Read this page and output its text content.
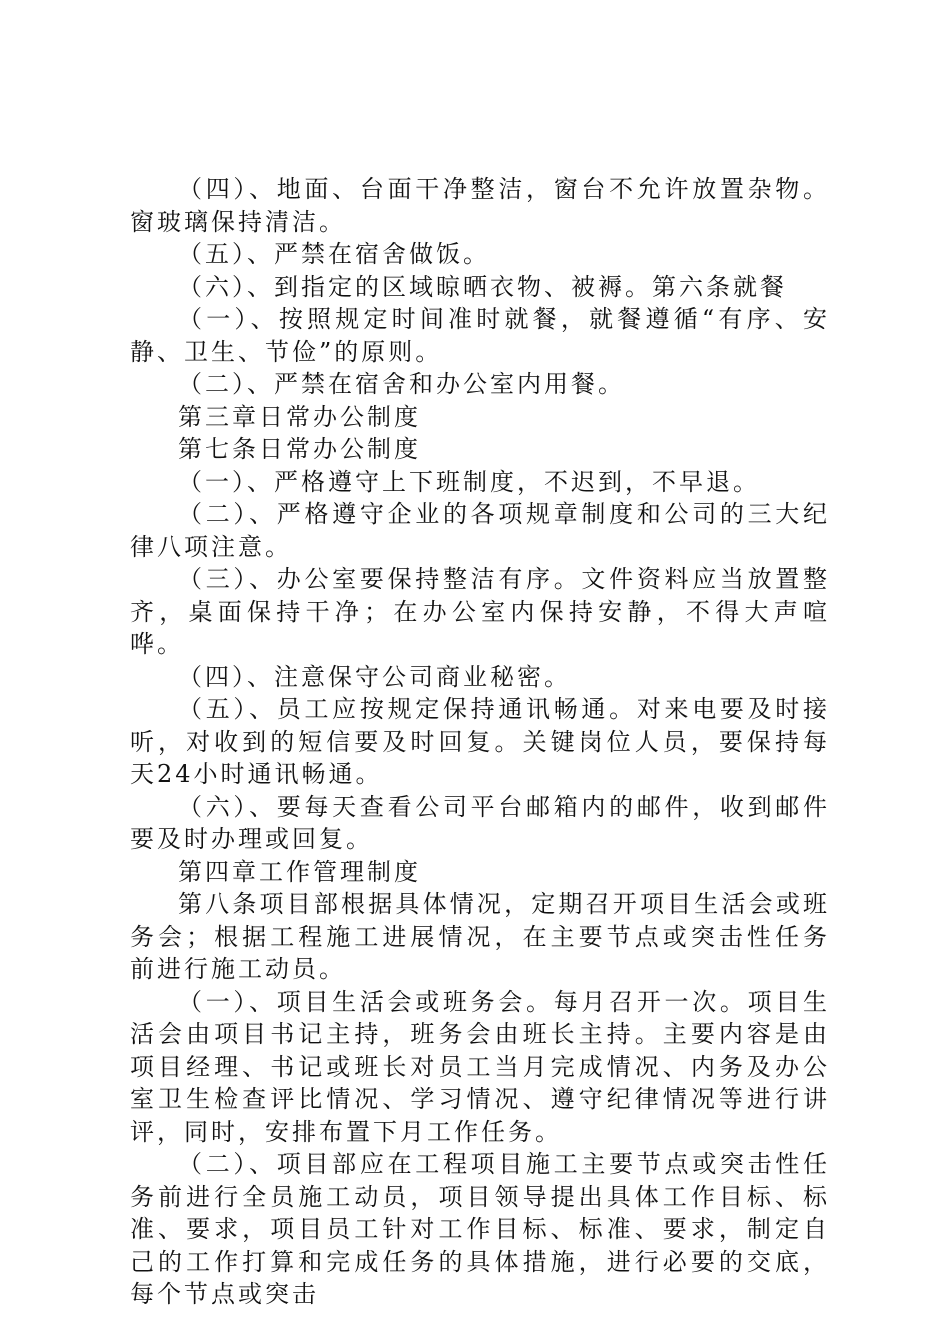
（四）、地面、台面干净整洁，窗台不允许放置杂物。窗玻璃保持清洁。

（五）、严禁在宿舍做饭。

（六）、到指定的区域晾晒衣物、被褥。第六条就餐

（一）、按照规定时间准时就餐，就餐遵循“有序、安静、卫生、节俭”的原则。

（二）、严禁在宿舍和办公室内用餐。

第三章日常办公制度

第七条日常办公制度

（一）、严格遵守上下班制度，不迟到，不早退。

（二）、严格遵守企业的各项规章制度和公司的三大纪律八项注意。

（三）、办公室要保持整洁有序。文件资料应当放置整齐，桌面保持干净；在办公室内保持安静，不得大声喧哗。

（四）、注意保守公司商业秘密。

（五）、员工应按规定保持通讯畅通。对来电要及时接听，对收到的短信要及时回复。关键岗位人员，要保持每天24小时通讯畅通。

（六）、要每天查看公司平台邮箱内的邮件，收到邮件要及时办理或回复。

第四章工作管理制度

第八条项目部根据具体情况，定期召开项目生活会或班务会；根据工程施工进展情况，在主要节点或突击性任务前进行施工动员。

（一）、项目生活会或班务会。每月召开一次。项目生活会由项目书记主持，班务会由班长主持。主要内容是由项目经理、书记或班长对员工当月完成情况、内务及办公室卫生检查评比情况、学习情况、遵守纪律情况等进行讲评，同时，安排布置下月工作任务。

（二）、项目部应在工程项目施工主要节点或突击性任务前进行全员施工动员，项目领导提出具体工作目标、标准、要求，项目员工针对工作目标、标准、要求，制定自己的工作打算和完成任务的具体措施，进行必要的交底，每个节点或突击
